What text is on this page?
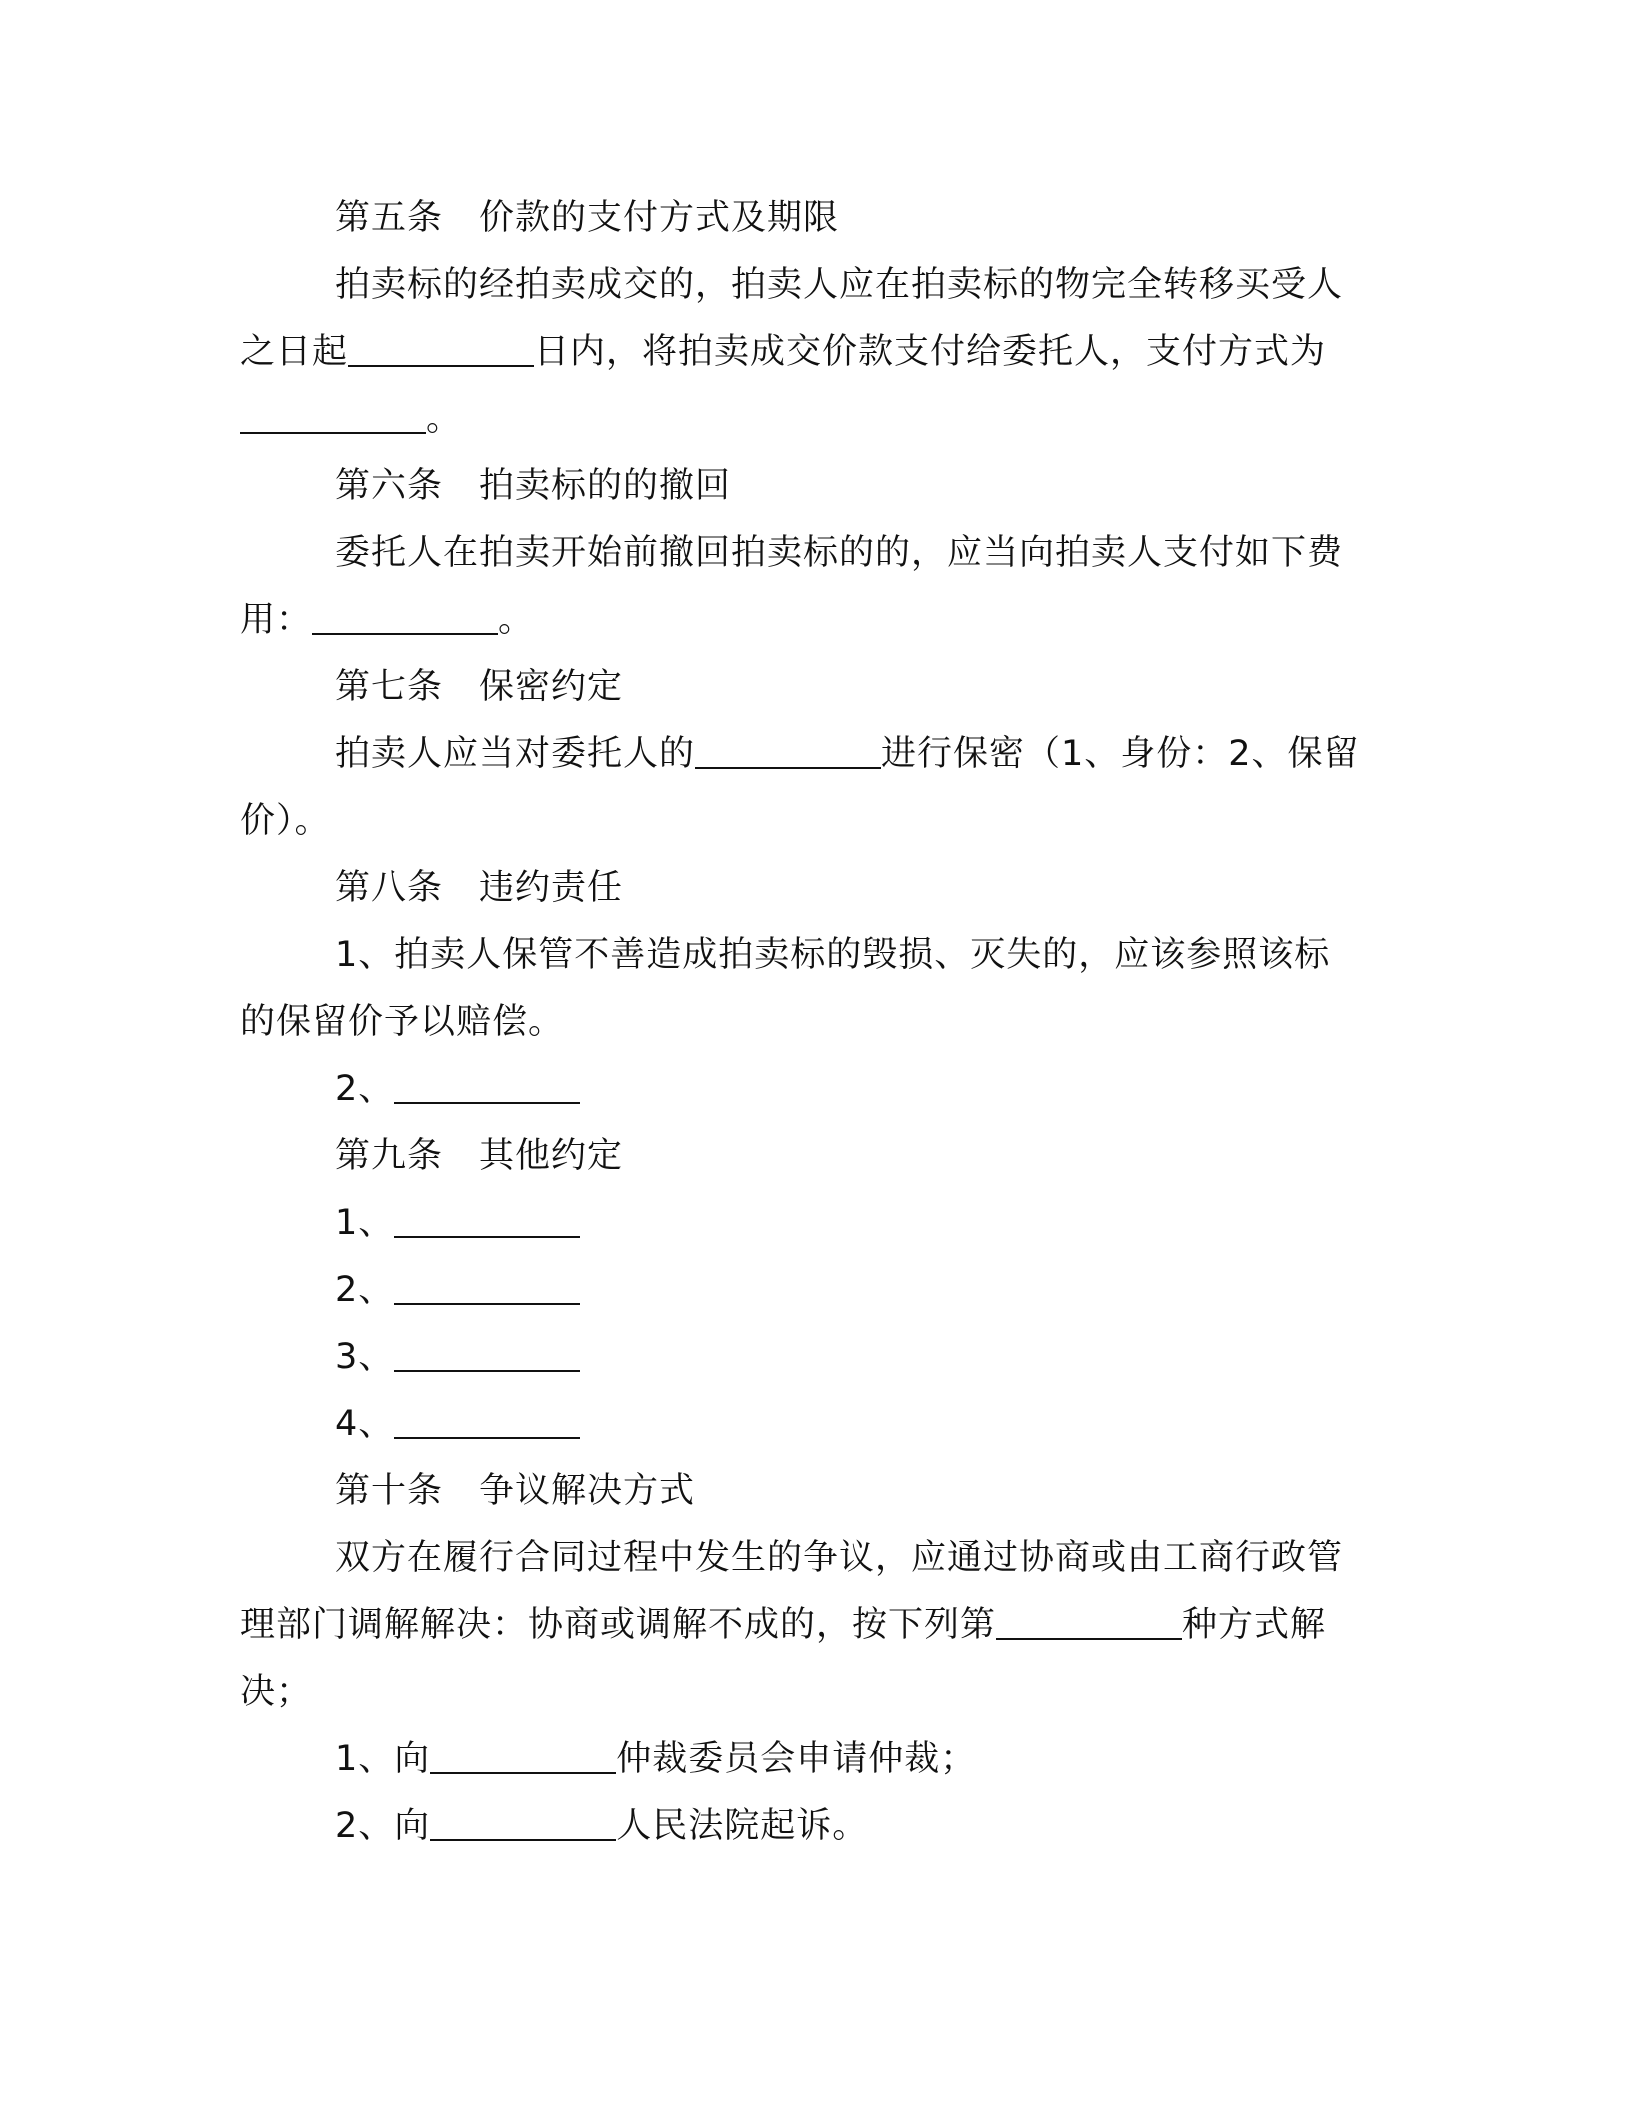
第五条 价款的支付方式及期限
拍卖标的经拍卖成交的，拍卖人应在拍卖标的物完全转移买受人
之日起	日内，将拍卖成交价款支付给委托人，支付方式为
。
第六条 拍卖标的的撤回
委托人在拍卖开始前撤回拍卖标的的，应当向拍卖人支付如下费
用：	。
第七条 保密约定
拍卖人应当对委托人的	进行保密（1、身份：2、保留
价）。
第八条 违约责任
1、拍卖人保管不善造成拍卖标的毁损、灭失的，应该参照该标
的保留价予以赔偿。
2、
第九条 其他约定
1、
2、
3、
4、
第十条 争议解决方式
双方在履行合同过程中发生的争议，应通过协商或由工商行政管
理部门调解解决：协商或调解不成的，按下列第	种方式解
决；
1、向	仲裁委员会申请仲裁；
2、向	人民法院起诉。
